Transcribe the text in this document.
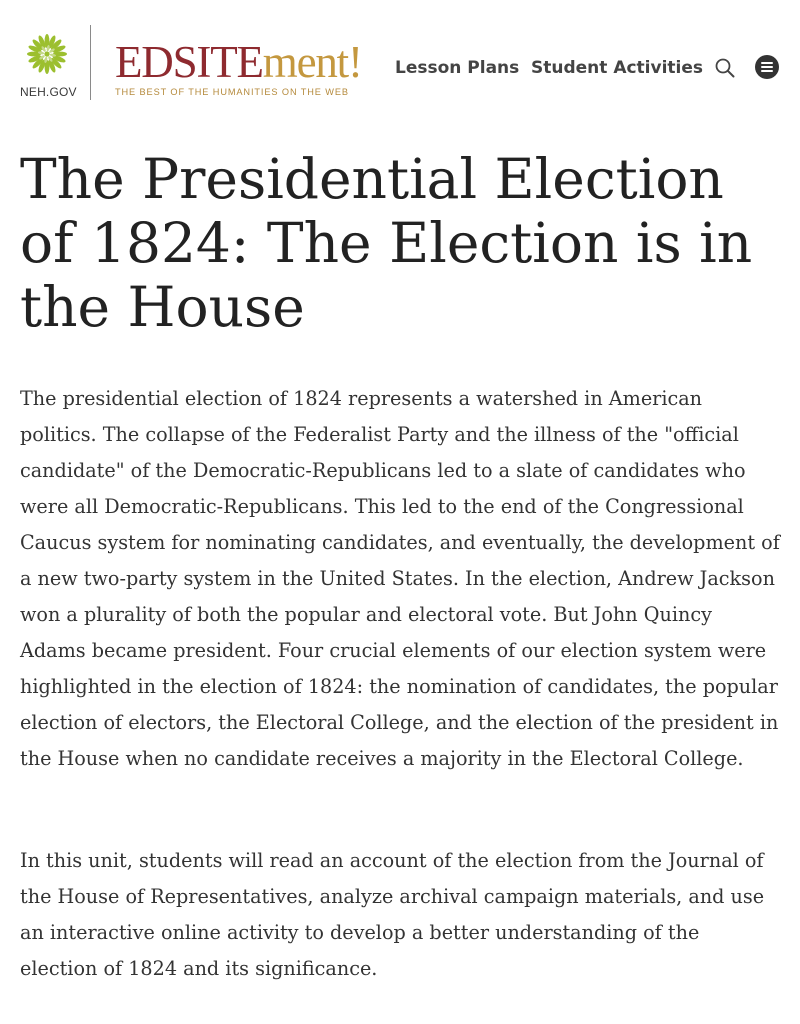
NEH.GOV
EDSITEment!
THE BEST OF THE HUMANITIES ON THE WEB
Lesson Plans Student Activities
The Presidential Election of 1824: The Election is in the House

The presidential election of 1824 represents a watershed in American politics. The collapse of the Federalist Party and the illness of the "official candidate" of the Democratic-Republicans led to a slate of candidates who were all Democratic-Republicans. This led to the end of the Congressional Caucus system for nominating candidates, and eventually, the development of a new two-party system in the United States. In the election, Andrew Jackson won a plurality of both the popular and electoral vote. But John Quincy Adams became president. Four crucial elements of our election system were highlighted in the election of 1824: the nomination of candidates, the popular election of electors, the Electoral College, and the election of the president in the House when no candidate receives a majority in the Electoral College.

In this unit, students will read an account of the election from the Journal of the House of Representatives, analyze archival campaign materials, and use an interactive online activity to develop a better understanding of the election of 1824 and its significance.
